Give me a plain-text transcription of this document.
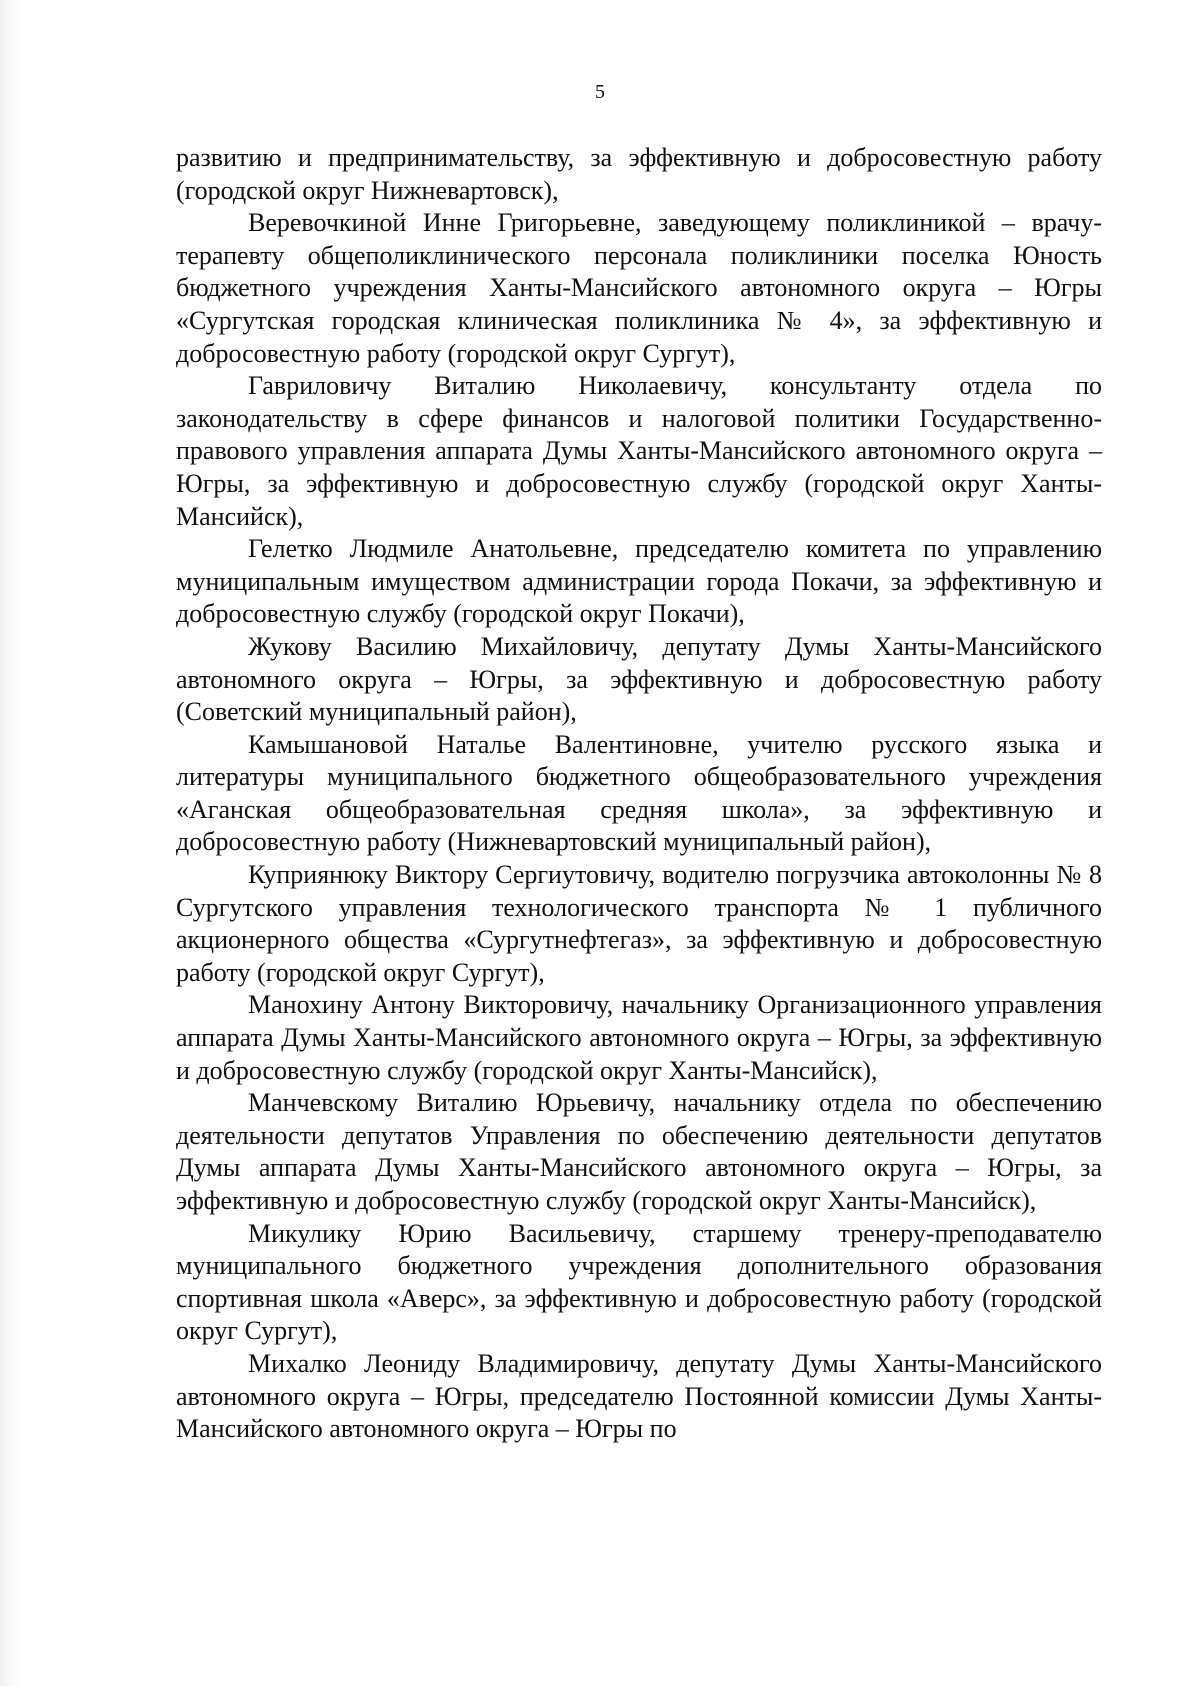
5

развитию и предпринимательству, за эффективную и добросовестную работу (городской округ Нижневартовск),

Веревочкиной Инне Григорьевне, заведующему поликлиникой – врачу-терапевту общеполиклинического персонала поликлиники поселка Юность бюджетного учреждения Ханты-Мансийского автономного округа – Югры «Сургутская городская клиническая поликлиника № 4», за эффективную и добросовестную работу (городской округ Сургут),

Гавриловичу Виталию Николаевичу, консультанту отдела по законодательству в сфере финансов и налоговой политики Государственно-правового управления аппарата Думы Ханты-Мансийского автономного округа – Югры, за эффективную и добросовестную службу (городской округ Ханты-Мансийск),

Гелетко Людмиле Анатольевне, председателю комитета по управлению муниципальным имуществом администрации города Покачи, за эффективную и добросовестную службу (городской округ Покачи),

Жукову Василию Михайловичу, депутату Думы Ханты-Мансийского автономного округа – Югры, за эффективную и добросовестную работу (Советский муниципальный район),

Камышановой Наталье Валентиновне, учителю русского языка и литературы муниципального бюджетного общеобразовательного учреждения «Аганская общеобразовательная средняя школа», за эффективную и добросовестную работу (Нижневартовский муниципальный район),

Куприянюку Виктору Сергиутовичу, водителю погрузчика автоколонны № 8 Сургутского управления технологического транспорта № 1 публичного акционерного общества «Сургутнефтегаз», за эффективную и добросовестную работу (городской округ Сургут),

Манохину Антону Викторовичу, начальнику Организационного управления аппарата Думы Ханты-Мансийского автономного округа – Югры, за эффективную и добросовестную службу (городской округ Ханты-Мансийск),

Манчевскому Виталию Юрьевичу, начальнику отдела по обеспечению деятельности депутатов Управления по обеспечению деятельности депутатов Думы аппарата Думы Ханты-Мансийского автономного округа – Югры, за эффективную и добросовестную службу (городской округ Ханты-Мансийск),

Микулику Юрию Васильевичу, старшему тренеру-преподавателю муниципального бюджетного учреждения дополнительного образования спортивная школа «Аверс», за эффективную и добросовестную работу (городской округ Сургут),

Михалко Леониду Владимировичу, депутату Думы Ханты-Мансийского автономного округа – Югры, председателю Постоянной комиссии Думы Ханты-Мансийского автономного округа – Югры по
